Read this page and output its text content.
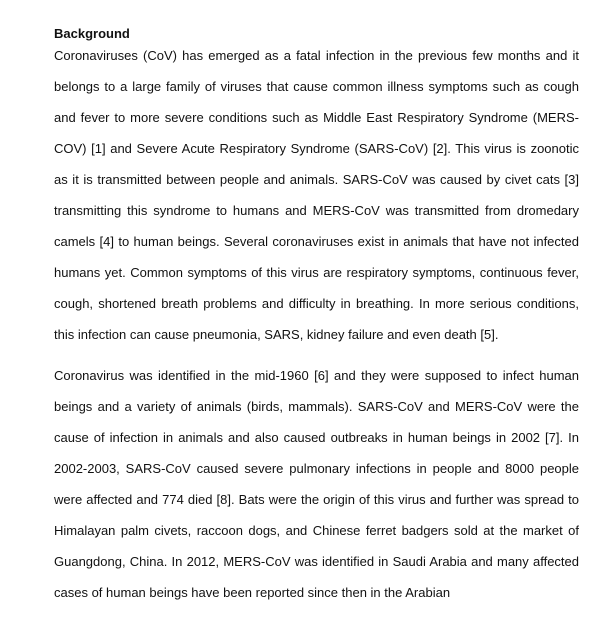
Background

Coronaviruses (CoV) has emerged as a fatal infection in the previous few months and it belongs to a large family of viruses that cause common illness symptoms such as cough and fever to more severe conditions such as Middle East Respiratory Syndrome (MERS-COV) [1] and Severe Acute Respiratory Syndrome (SARS-CoV) [2]. This virus is zoonotic as it is transmitted between people and animals. SARS-CoV was caused by civet cats [3] transmitting this syndrome to humans and MERS-CoV was transmitted from dromedary camels [4] to human beings. Several coronaviruses exist in animals that have not infected humans yet. Common symptoms of this virus are respiratory symptoms, continuous fever, cough, shortened breath problems and difficulty in breathing. In more serious conditions, this infection can cause pneumonia, SARS, kidney failure and even death [5].

Coronavirus was identified in the mid-1960 [6] and they were supposed to infect human beings and a variety of animals (birds, mammals). SARS-CoV and MERS-CoV were the cause of infection in animals and also caused outbreaks in human beings in 2002 [7]. In 2002-2003, SARS-CoV caused severe pulmonary infections in people and 8000 people were affected and 774 died [8]. Bats were the origin of this virus and further was spread to Himalayan palm civets, raccoon dogs, and Chinese ferret badgers sold at the market of Guangdong, China. In 2012, MERS-CoV was identified in Saudi Arabia and many affected cases of human beings have been reported since then in the Arabian
